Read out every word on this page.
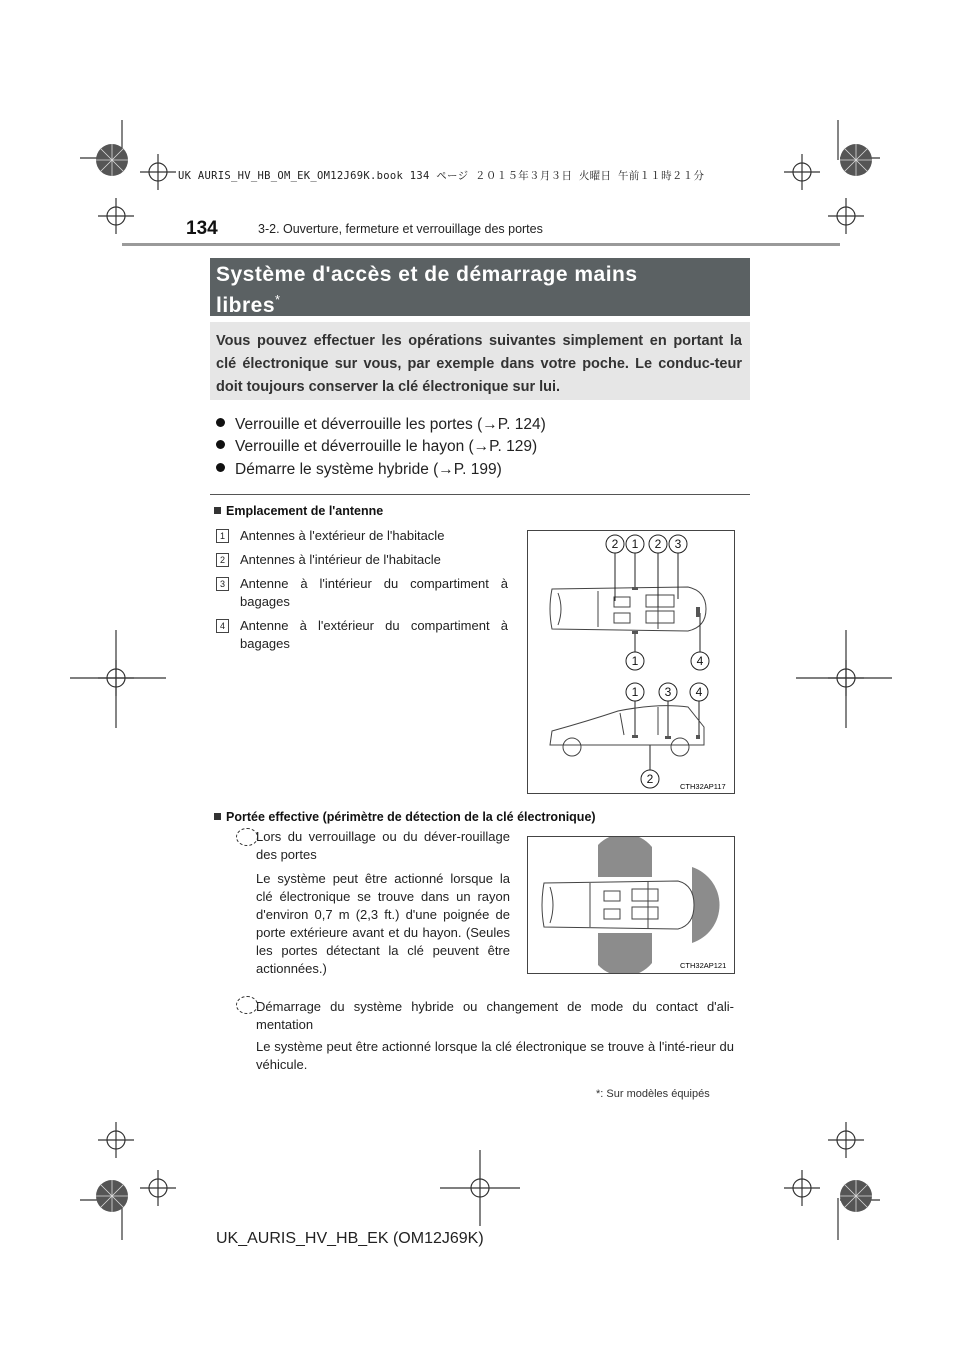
UK AURIS_HV_HB_OM_EK_OM12J69K.book 134 ページ ２０１５年３月３日 火曜日 午前１１時２１分
134	3-2. Ouverture, fermeture et verrouillage des portes
Système d'accès et de démarrage mains
libres*
Vous pouvez effectuer les opérations suivantes simplement en portant la clé électronique sur vous, par exemple dans votre poche. Le conduc-teur doit toujours conserver la clé électronique sur lui.
Verrouille et déverrouille les portes (→P. 124)
Verrouille et déverrouille le hayon (→P. 129)
Démarre le système hybride (→P. 199)
Emplacement de l'antenne
1	Antennes à l'extérieur de l'habitacle
2	Antennes à l'intérieur de l'habitacle
3	Antenne à l'intérieur du compartiment à bagages
4	Antenne à l'extérieur du compartiment à bagages
2 1 2 3
1	4
1 3 4
2
CTH32AP117
Portée effective (périmètre de détection de la clé électronique)
Lors du verrouillage ou du déver-rouillage des portes
Le système peut être actionné lorsque la clé électronique se trouve dans un rayon d'environ 0,7 m (2,3 ft.) d'une poignée de porte extérieure avant et du hayon. (Seules les portes détectant la clé peuvent être actionnées.)	CTH32AP121
Démarrage du système hybride ou changement de mode du contact d'ali-mentation
Le système peut être actionné lorsque la clé électronique se trouve à l'inté-rieur du véhicule.
*: Sur modèles équipés
UK_AURIS_HV_HB_EK (OM12J69K)
